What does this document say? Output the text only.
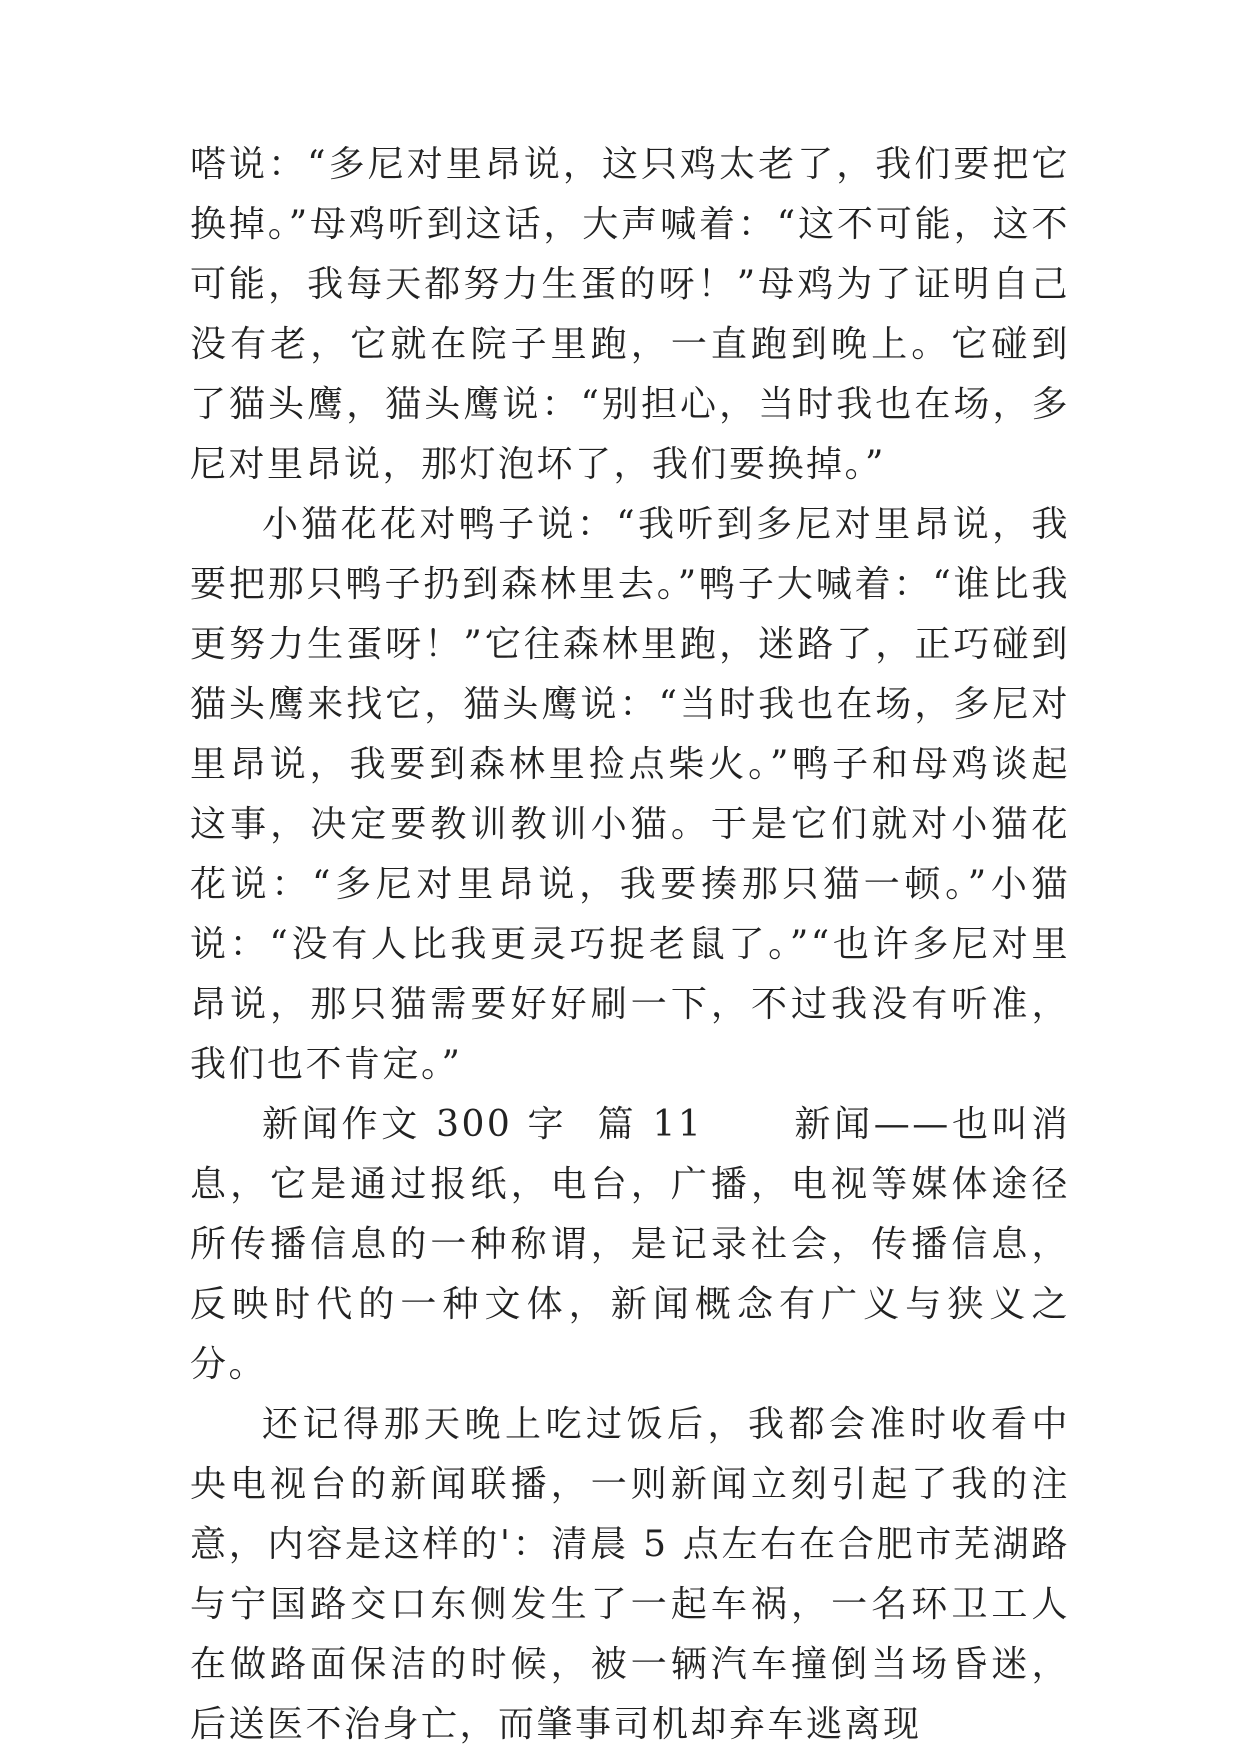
嗒说：“多尼对里昂说，这只鸡太老了，我们要把它换掉。”母鸡听到这话，大声喊着：“这不可能，这不可能，我每天都努力生蛋的呀！”母鸡为了证明自己没有老，它就在院子里跑，一直跑到晚上。它碰到了猫头鹰，猫头鹰说：“别担心，当时我也在场，多尼对里昂说，那灯泡坏了，我们要换掉。”

小猫花花对鸭子说：“我听到多尼对里昂说，我要把那只鸭子扔到森林里去。”鸭子大喊着：“谁比我更努力生蛋呀！”它往森林里跑，迷路了，正巧碰到猫头鹰来找它，猫头鹰说：“当时我也在场，多尼对里昂说，我要到森林里捡点柴火。”鸭子和母鸡谈起这事，决定要教训教训小猫。于是它们就对小猫花花说：“多尼对里昂说，我要揍那只猫一顿。”小猫说：“没有人比我更灵巧捉老鼠了。”“也许多尼对里昂说，那只猫需要好好刷一下，不过我没有听准，我们也不肯定。”

新闻作文 300 字  篇 11      新闻——也叫消息，它是通过报纸，电台，广播，电视等媒体途径所传播信息的一种称谓，是记录社会，传播信息，反映时代的一种文体，新闻概念有广义与狭义之分。

还记得那天晚上吃过饭后，我都会准时收看中央电视台的新闻联播，一则新闻立刻引起了我的注意，内容是这样的'：清晨 5 点左右在合肥市芜湖路与宁国路交口东侧发生了一起车祸，一名环卫工人在做路面保洁的时候，被一辆汽车撞倒当场昏迷，后送医不治身亡，而肇事司机却弃车逃离现
